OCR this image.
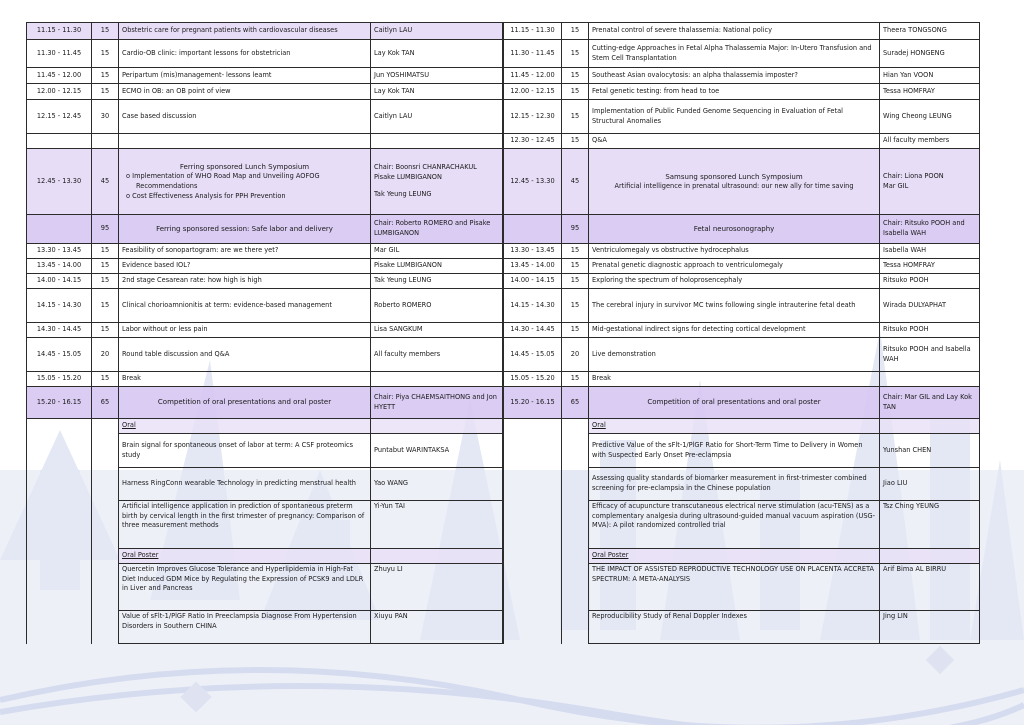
11.15 - 11.30	15	Obstetric care for pregnant patients with cardiovascular diseases	Caitlyn LAU
11.30 - 11.45	15	Cardio-OB clinic: important lessons for obstetrician	Lay Kok TAN
11.45 - 12.00	15	Peripartum (mis)management- lessons leamt	Jun YOSHIMATSU
12.00 - 12.15	15	ECMO in OB: an OB point of view	Lay Kok TAN
12.15 - 12.45	30	Case based discussion	Caitlyn LAU

12.45 - 13.30	45	Ferring sponsored Lunch Symposium
o Implementation of WHO Road Map and Unveiling AOFOG
Recommendations
o Cost Effectiveness Analysis for PPH Prevention	Chair: Boonsri CHANRACHAKUL
Pisake LUMBIGANON
Tak Yeung LEUNG

	95	Ferring sponsored session: Safe labor and delivery	Chair: Roberto ROMERO and Pisake LUMBIGANON
13.30 - 13.45	15	Feasibility of sonopartogram: are we there yet?	Mar GIL
13.45 - 14.00	15	Evidence based IOL?	Pisake LUMBIGANON
14.00 - 14.15	15	2nd stage Cesarean rate: how high is high	Tak Yeung LEUNG
14.15 - 14.30	15	Clinical chorioamnionitis at term: evidence-based management	Roberto ROMERO
14.30 - 14.45	15	Labor without or less pain	Lisa SANGKUM
14.45 - 15.05	20	Round table discussion and Q&A	All faculty members
15.05 - 15.20	15	Break	
15.20 - 16.15	65	Competition of oral presentations and oral poster	Chair: Piya CHAEMSAITHONG and Jon HYETT
		Oral	
		Brain signal for spontaneous onset of labor at term: A CSF proteomics study	Puntabut WARINTAKSA
		Harness RingConn wearable Technology in predicting menstrual health	Yao WANG
		Artificial intelligence application in prediction of spontaneous preterm birth by cervical length in the first trimester of pregnancy: Comparison of three measurement methods	Yi-Yun TAI
		Oral Poster	
		Quercetin Improves Glucose Tolerance and Hyperlipidemia in High-Fat Diet Induced GDM Mice by Regulating the Expression of PCSK9 and LDLR in Liver and Pancreas	Zhuyu LI
		Value of sFlt-1/PlGF Ratio In Preeclampsia Diagnose From Hypertension Disorders in Southern CHINA	Xiuyu PAN
11.15 - 11.30	15	Prenatal control of severe thalassemia: National policy	Theera TONGSONG
11.30 - 11.45	15	Cutting-edge Approaches in Fetal Alpha Thalassemia Major: In-Utero Transfusion and Stem Cell Transplantation	Suradej HONGENG
11.45 - 12.00	15	Southeast Asian ovalocytosis: an alpha thalassemia imposter?	Hian Yan VOON
12.00 - 12.15	15	Fetal genetic testing: from head to toe	Tessa HOMFRAY
12.15 - 12.30	15	Implementation of Public Funded Genome Sequencing in Evaluation of Fetal Structural Anomalies	Wing Cheong LEUNG
12.30 - 12.45	15	Q&A	All faculty members
12.45 - 13.30	45	Samsung sponsored Lunch Symposium
Artificial intelligence in prenatal ultrasound: our new ally for time saving	Chair: Liona POON
Mar GIL

	95	Fetal neurosonography	Chair: Ritsuko POOH and Isabella WAH
13.30 - 13.45	15	Ventriculomegaly vs obstructive hydrocephalus	Isabella WAH
13.45 - 14.00	15	Prenatal genetic diagnostic approach to ventriculomegaly	Tessa HOMFRAY
14.00 - 14.15	15	Exploring the spectrum of holoprosencephaly	Ritsuko POOH
14.15 - 14.30	15	The cerebral injury in survivor MC twins following single intrauterine fetal death	Wirada DULYAPHAT
14.30 - 14.45	15	Mid-gestational indirect signs for detecting cortical development	Ritsuko POOH
14.45 - 15.05	20	Live demonstration	Ritsuko POOH and Isabella WAH
15.05 - 15.20	15	Break	
15.20 - 16.15	65	Competition of oral presentations and oral poster	Chair: Mar GIL and Lay Kok TAN
		Oral	
		Predictive Value of the sFlt-1/PlGF Ratio for Short-Term Time to Delivery in Women with Suspected Early Onset Pre-eclampsia	Yunshan CHEN
		Assessing quality standards of biomarker measurement in first-trimester combined screening for pre-eclampsia in the Chinese population	Jiao LIU
		Efficacy of acupuncture transcutaneous electrical nerve stimulation (acu-TENS) as a complementary analgesia during ultrasound-guided manual vacuum aspiration (USG-MVA): A pilot randomized controlled trial	Tsz Ching YEUNG
		Oral Poster	
		THE IMPACT OF ASSISTED REPRODUCTIVE TECHNOLOGY USE ON PLACENTA ACCRETA SPECTRUM: A META-ANALYSIS	Arif Bima AL BIRRU
		Reproducibility Study of Renal Doppler Indexes	Jing LIN
